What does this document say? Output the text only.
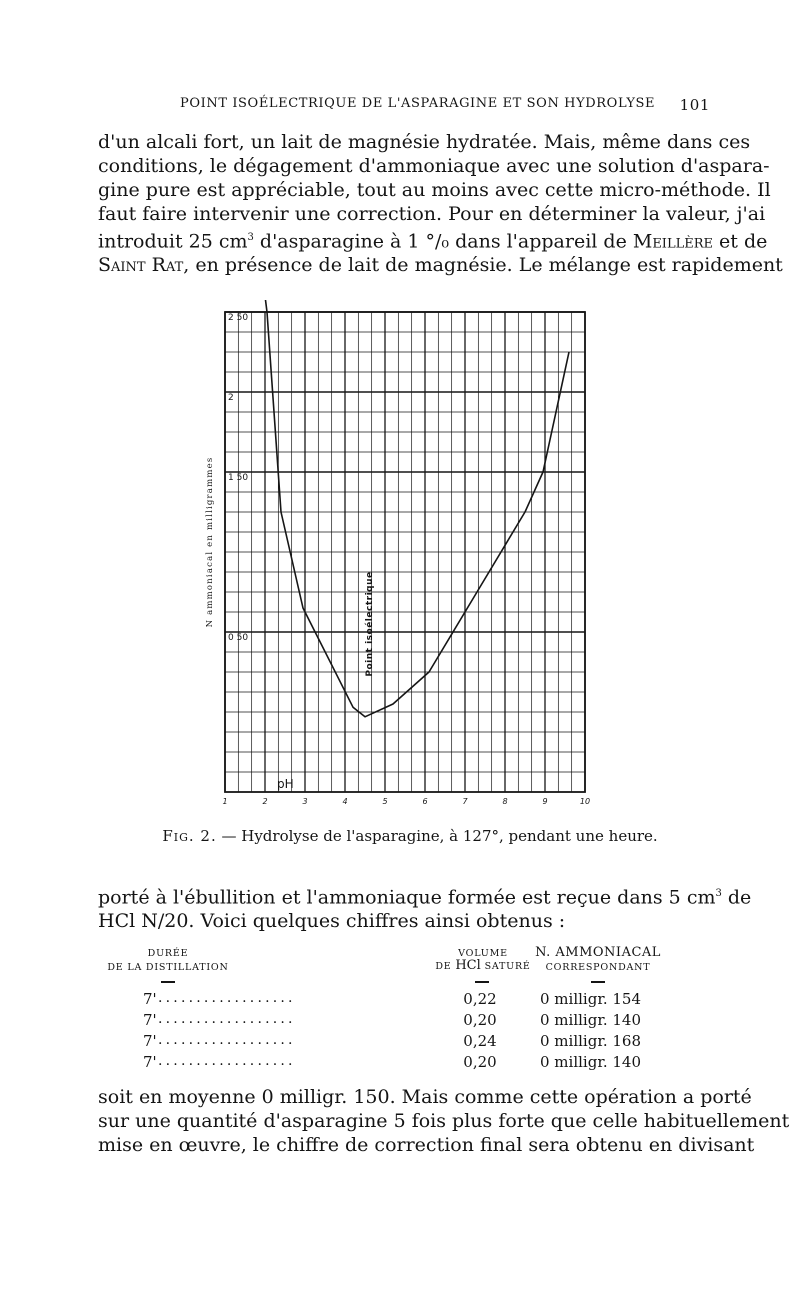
POINT ISOÉLECTRIQUE DE L'ASPARAGINE ET SON HYDROLYSE 101
d'un alcali fort, un lait de magnésie hydratée. Mais, même dans ces
conditions, le dégagement d'ammoniaque avec une solution d'aspara-
gine pure est appréciable, tout au moins avec cette micro-méthode. Il
faut faire intervenir une correction. Pour en déterminer la valeur, j'ai
introduit 25 $cm^3$ d'asparagine à 1 °/₀ dans l'appareil de Meillère et de
Saint Rat, en présence de lait de magnésie. Le mélange est rapidement
0 50
1 50
2
2 50
1	2	3	4	5	6	7	8	9	10
pH
N ammoniacal en milligrammes	Point isoélectrique
Fig. 2. — Hydrolyse de l'asparagine, à 127°, pendant une heure.
porté à l'ébullition et l'ammoniaque formée est reçue dans 5 $cm^3$ de
HCl N/20. Voici quelques chiffres ainsi obtenus :
DURÉE
DE LA DISTILLATION
VOLUME
DE HCl SATURÉ
N. AMMONIACAL
CORRESPONDANT
7' ..................	0,22	0 milligr. 154
7' ..................	0,20	0 milligr. 140
7' ..................	0,24	0 milligr. 168
7' ..................	0,20	0 milligr. 140
soit en moyenne 0 milligr. 150. Mais comme cette opération a porté
sur une quantité d'asparagine 5 fois plus forte que celle habituellement
mise en œuvre, le chiffre de correction final sera obtenu en divisant
